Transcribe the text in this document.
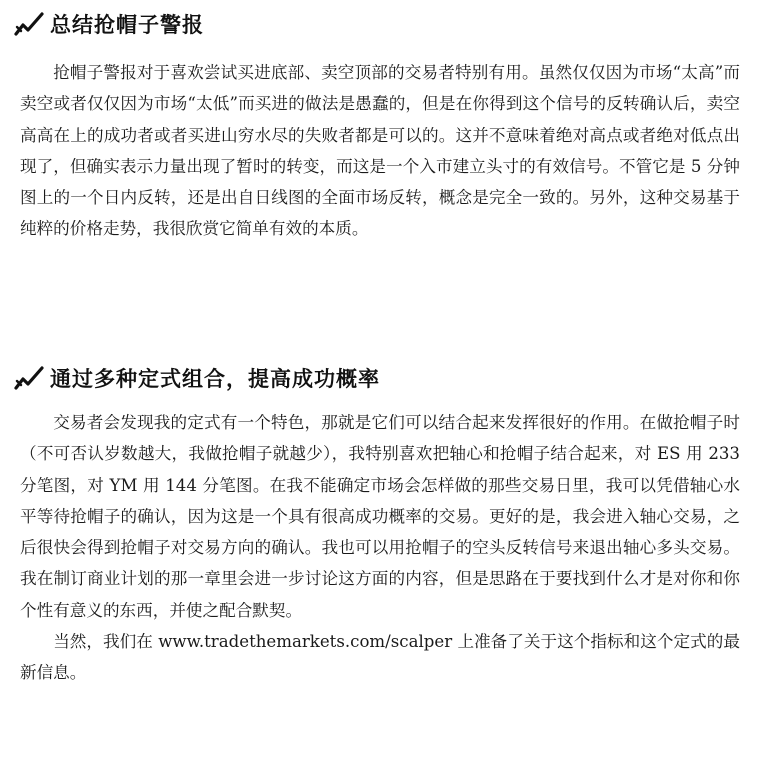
总结抢帽子警报

抢帽子警报对于喜欢尝试买进底部、卖空顶部的交易者特别有用。虽然仅仅因为市场“太高”而卖空或者仅仅因为市场“太低”而买进的做法是愚蠢的，但是在你得到这个信号的反转确认后，卖空高高在上的成功者或者买进山穷水尽的失败者都是可以的。这并不意味着绝对高点或者绝对低点出现了，但确实表示力量出现了暂时的转变，而这是一个入市建立头寸的有效信号。不管它是 5 分钟图上的一个日内反转，还是出自日线图的全面市场反转，概念是完全一致的。另外，这种交易基于纯粹的价格走势，我很欣赏它简单有效的本质。

通过多种定式组合，提高成功概率

交易者会发现我的定式有一个特色，那就是它们可以结合起来发挥很好的作用。在做抢帽子时（不可否认岁数越大，我做抢帽子就越少），我特别喜欢把轴心和抢帽子结合起来，对 ES 用 233 分笔图，对 YM 用 144 分笔图。在我不能确定市场会怎样做的那些交易日里，我可以凭借轴心水平等待抢帽子的确认，因为这是一个具有很高成功概率的交易。更好的是，我会进入轴心交易，之后很快会得到抢帽子对交易方向的确认。我也可以用抢帽子的空头反转信号来退出轴心多头交易。我在制订商业计划的那一章里会进一步讨论这方面的内容，但是思路在于要找到什么才是对你和你个性有意义的东西，并使之配合默契。

当然，我们在 www.tradethemarkets.com/scalper 上准备了关于这个指标和这个定式的最新信息。
